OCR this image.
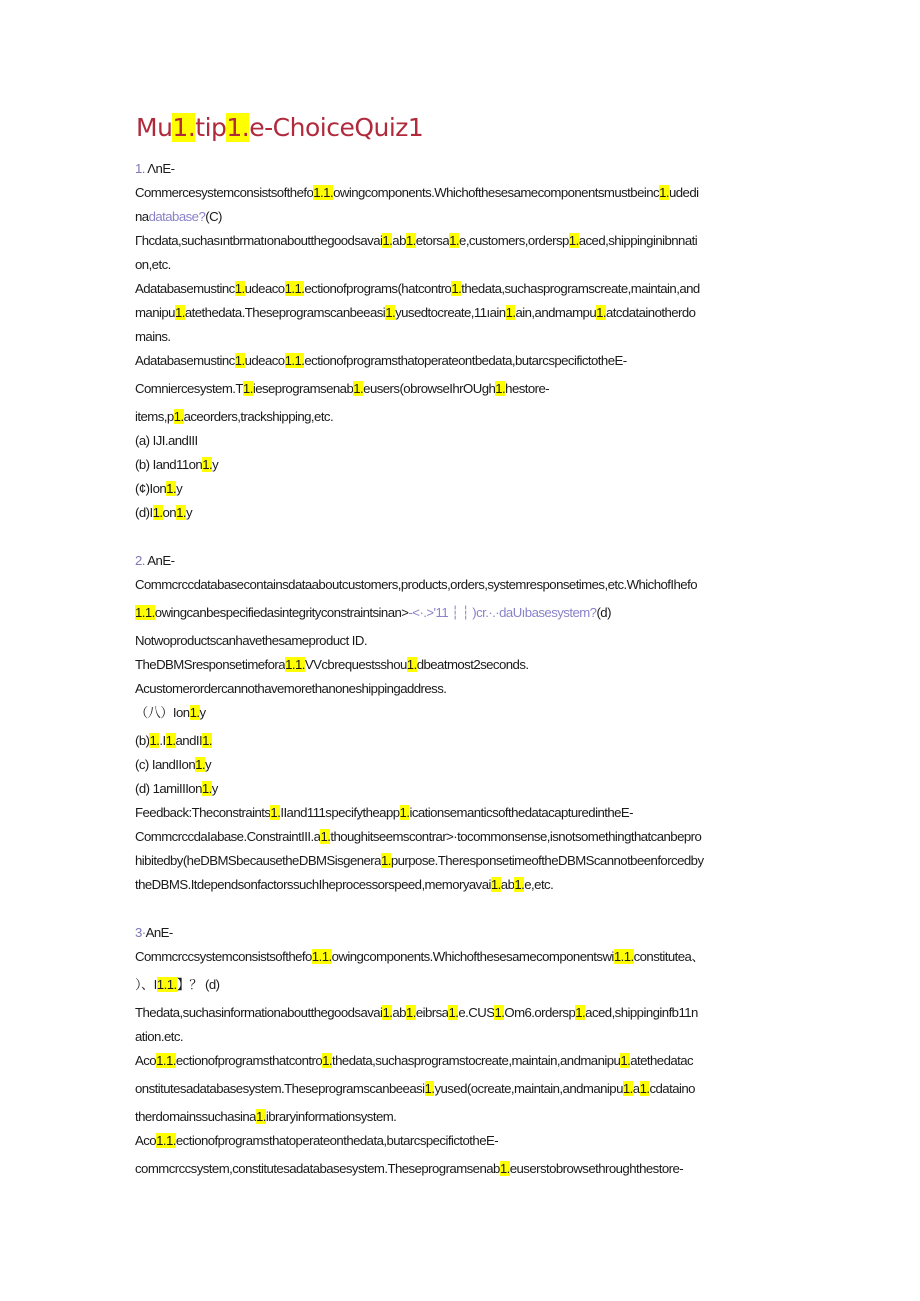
Mu1.tip1.e-ChoiceQuiz1
1. ΛnE-
Commercesystemconsistsofthefo1.1.owingcomponents.Whichofthesesamecomponentsmustbeinc1.udedi
nadatabase?(C)
Γhcdata,suchasıntbrmatıonaboutthegoodsavai1.ab1.etorsa1.e,customers,ordersp1.aced,shippinginibnnati
on,etc.
Adatabasemustinc1.udeaco1.1.ectionofprograms(hatcontro1.thedata,suchasprogramscreate,maintain,and
manipu1.atethedata.Theseprogramscanbeeasi1.yusedtocreate,11ıain1.ain,andmampu1.atcdatainotherdo
mains.
Adatabasemustinc1.udeaco1.1.ectionofprogramsthatoperateontbedata,butarcspecifictotheE-
Comniercesystem.T1.ieseprogramsenab1.eusers(obrowseIhrOUgh1.hestore-
items,p1.aceorders,trackshipping,etc.
(a) IJI.andIII
(b) Iand11on1.y
(¢)Ion1.y
(d)I1.on1.y
2. AnE-
Commcrccdatabasecontainsdataaboutcustomers,products,orders,systemresponsetimes,etc.WhichofIhefo
1.1.owingcanbespecifiedasintegrityconstraintsinan>-<·.>'11 ┆ ┆ )cr.·.·daUıbasesystem?(d)
Notwoproductscanhavethesameproduct ID.
TheDBMSresponsetimefora1.1.VVcbrequestsshou1.dbeatmost2seconds.
Acustomerordercannothavemorethanoneshippingaddress.
（八）Ion1.y
(b)1..I1.andII1.
(c) IandIIon1.y
(d) 1amiIIIon1.y
Feedback:Theconstraints1.IIand111specifytheapp1.icationsemanticsofthedatacapturedintheE-
CommcrccdaIabase.ConstraintIII.a1.thoughitseemscontrar>·tocommonsense,isnotsomethingthatcanbepro
hibitedby(heDBMSbecausetheDBMSisgenera1.purpose.TheresponsetimeoftheDBMScannotbeenforcedby
theDBMS.ItdependsonfactorssuchIheprocessorspeed,memoryavai1.ab1.e,etc.
3·AnE-
Commcrccsystemconsistsofthefo1.1.owingcomponents.Whichofthesesamecomponentswi1.1.constitutea、
）、I1.1.】？ (d)
Thedata,suchasinformationaboutthegoodsavai1.ab1.eibrsa1.e.CUS1.Om6.ordersp1.aced,shippinginfb11n
ation.etc.
Aco1.1.ectionofprogramsthatcontro1.thedata,suchasprogramstocreate,maintain,andmanipu1.atethedatac
onstitutesadatabasesystem.Theseprogramscanbeeasi1.yused(ocreate,maintain,andmanipu1.a1.cdataino
therdomainssuchasina1.ibraryinformationsystem.
Aco1.1.ectionofprogramsthatoperateonthedata,butarcspecifictotheE-
commcrccsystem,constitutesadatabasesystem.Theseprogramsenab1.euserstobrowsethroughthestore-
